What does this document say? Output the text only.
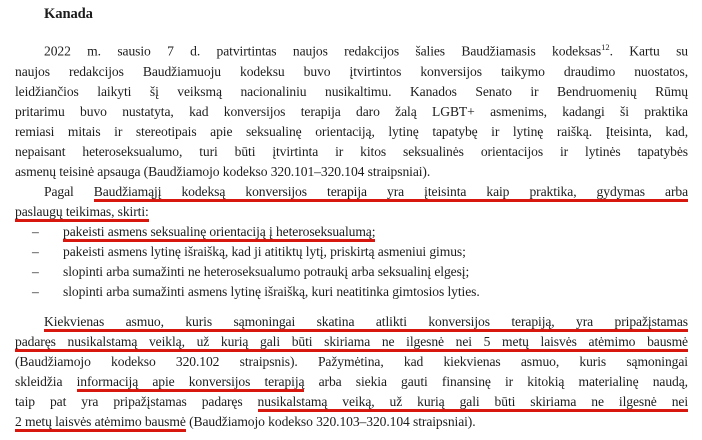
Kanada
2022 m. sausio 7 d. patvirtintas naujos redakcijos šalies Baudžiamasis kodeksas$^{12}$. Kartu su
naujos redakcijos Baudžiamuoju kodeksu buvo įtvirtintos konversijos taikymo draudimo nuostatos,
leidžiančios laikyti šį veiksmą nacionaliniu nusikaltimu. Kanados Senato ir Bendruomenių Rūmų
pritarimu buvo nustatyta, kad konversijos terapija daro žalą LGBT+ asmenims, kadangi ši praktika
remiasi mitais ir stereotipais apie seksualinę orientaciją, lytinę tapatybę ir lytinę raišką. Įteisinta, kad,
nepaisant heteroseksualumo, turi būti įtvirtinta ir kitos seksualinės orientacijos ir lytinės tapatybės
asmenų teisinė apsauga (Baudžiamojo kodekso 320.101–320.104 straipsniai).
Pagal Baudžiamąjį kodeksą konversijos terapija yra įteisinta kaip praktika, gydymas arba
paslaugų teikimas, skirti:
– pakeisti asmens seksualinę orientaciją į heteroseksualumą;
– pakeisti asmens lytinę išraišką, kad ji atitiktų lytį, priskirtą asmeniui gimus;
– slopinti arba sumažinti ne heteroseksualumo potraukį arba seksualinį elgesį;
– slopinti arba sumažinti asmens lytinę išraišką, kuri neatitinka gimtosios lyties.
Kiekvienas asmuo, kuris sąmoningai skatina atlikti konversijos terapiją, yra pripažįstamas
padaręs nusikalstamą veiklą, už kurią gali būti skiriama ne ilgesnė nei 5 metų laisvės atėmimo bausmė
(Baudžiamojo kodekso 320.102 straipsnis). Pažymėtina, kad kiekvienas asmuo, kuris sąmoningai
skleidžia informaciją apie konversijos terapiją arba siekia gauti finansinę ir kitokią materialinę naudą,
taip pat yra pripažįstamas padaręs nusikalstamą veiką, už kurią gali būti skiriama ne ilgesnė nei
2 metų laisvės atėmimo bausmė (Baudžiamojo kodekso 320.103–320.104 straipsniai).
